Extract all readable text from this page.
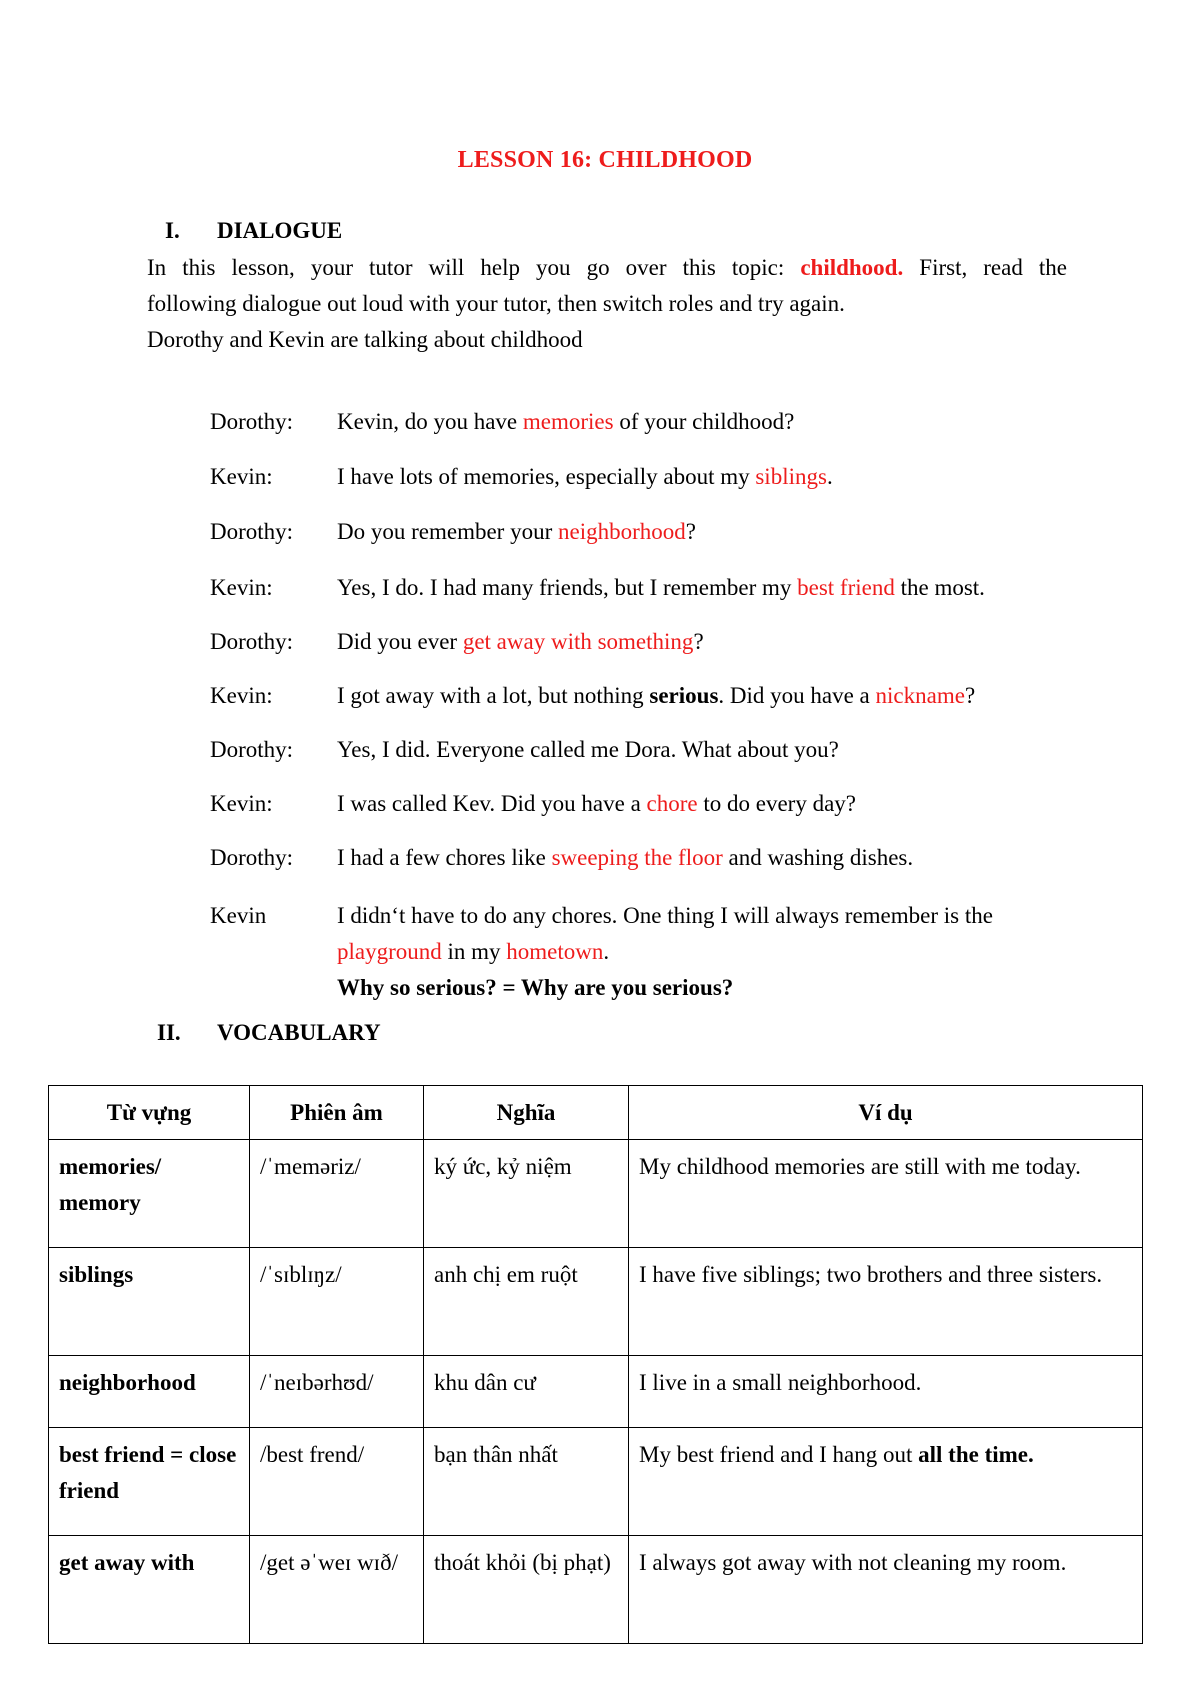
LESSON 16: CHILDHOOD
I. DIALOGUE
In this lesson, your tutor will help you go over this topic: childhood. First, read the
following dialogue out loud with your tutor, then switch roles and try again.
Dorothy and Kevin are talking about childhood
Dorothy: Kevin, do you have memories of your childhood?
Kevin:	I have lots of memories, especially about my siblings.
Dorothy: Do you remember your neighborhood?
Kevin:	Yes, I do. I had many friends, but I remember my best friend the most.
Dorothy: Did you ever get away with something?
Kevin:	I got away with a lot, but nothing serious. Did you have a nickname?
Dorothy: Yes, I did. Everyone called me Dora. What about you?
Kevin:	I was called Kev. Did you have a chore to do every day?
Dorothy: I had a few chores like sweeping the floor and washing dishes.
Kevin	I didn‘t have to do any chores. One thing I will always remember is the playground in my hometown.
Why so serious? = Why are you serious?
II. VOCABULARY
Từ vựng	Phiên âm	Nghĩa	Ví dụ
memories/ memory	/ˈmeməriz/	ký ức, kỷ niệm	My childhood memories are still with me today.
siblings	/ˈsɪblɪŋz/	anh chị em ruột	I have five siblings; two brothers and three sisters.
neighborhood	/ˈneɪbərhʊd/	khu dân cư	I live in a small neighborhood.
best friend = close friend	/best frend/	bạn thân nhất	My best friend and I hang out all the time.
get away with	/get əˈweɪ wɪð/	thoát khỏi (bị phạt)	I always got away with not cleaning my room.
